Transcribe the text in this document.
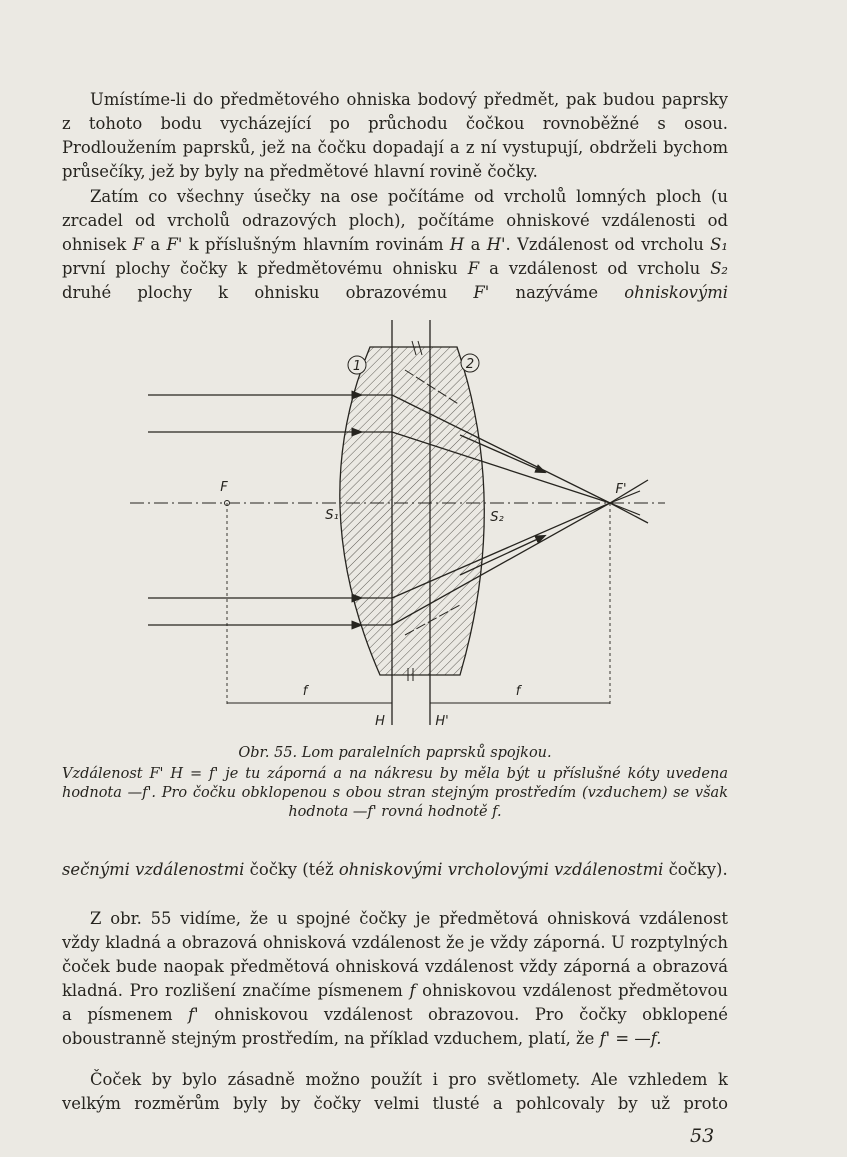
Umístíme-li do předmětového ohniska bodový předmět, pak budou paprsky z tohoto bodu vycházející po průchodu čočkou rovnoběžné s osou. Prodloužením paprsků, jež na čočku dopadají a z ní vystupují, obdrželi bychom průsečíky, jež by byly na předmětové hlavní rovině čočky.

Zatím co všechny úsečky na ose počítáme od vrcholů lomných ploch (u zrcadel od vrcholů odrazových ploch), počítáme ohniskové vzdálenosti od ohnisek F a F' k příslušným hlavním rovinám H a H'. Vzdálenost od vrcholu S₁ první plochy čočky k předmětovému ohnisku F a vzdálenost od vrcholu S₂ druhé plochy k ohnisku obrazovému F' nazýváme ohniskovými

1	2
F	F'
S₁	S₂
f	f
H	H'

Obr. 55. Lom paralelních paprsků spojkou.

Vzdálenost F' H = f' je tu záporná a na nákresu by měla být u příslušné kóty uvedena hodnota —f'. Pro čočku obklopenou s obou stran stejným prostředím (vzduchem) se však hodnota —f' rovná hodnotě f.

sečnými vzdálenostmi čočky (též ohniskovými vrcholovými vzdálenostmi čočky).

Z obr. 55 vidíme, že u spojné čočky je předmětová ohnisková vzdálenost vždy kladná a obrazová ohnisková vzdálenost že je vždy záporná. U rozptylných čoček bude naopak předmětová ohnisková vzdálenost vždy záporná a obrazová kladná. Pro rozlišení značíme písmenem f ohniskovou vzdálenost předmětovou a písmenem f' ohniskovou vzdálenost obrazovou. Pro čočky obklopené oboustranně stejným prostředím, na příklad vzduchem, platí, že f' = —f.

Čoček by bylo zásadně možno použít i pro světlomety. Ale vzhledem k velkým rozměrům byly by čočky velmi tlusté a pohlcovaly by už proto

53
